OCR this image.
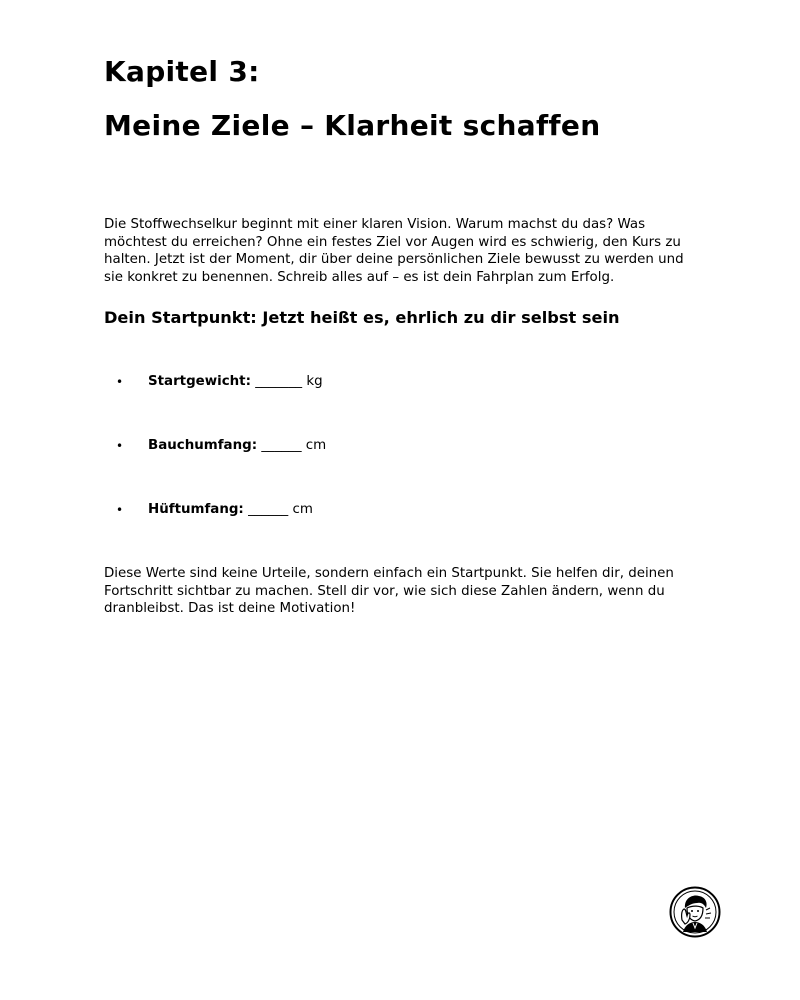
Kapitel 3:
Meine Ziele – Klarheit schaffen

Die Stoffwechselkur beginnt mit einer klaren Vision. Warum machst du das? Was möchtest du erreichen? Ohne ein festes Ziel vor Augen wird es schwierig, den Kurs zu halten. Jetzt ist der Moment, dir über deine persönlichen Ziele bewusst zu werden und sie konkret zu benennen. Schreib alles auf – es ist dein Fahrplan zum Erfolg.

Dein Startpunkt: Jetzt heißt es, ehrlich zu dir selbst sein
• Startgewicht: _______ kg
• Bauchumfang: ______ cm
• Hüftumfang: ______ cm

Diese Werte sind keine Urteile, sondern einfach ein Startpunkt. Sie helfen dir, deinen Fortschritt sichtbar zu machen. Stell dir vor, wie sich diese Zahlen ändern, wenn du dranbleibst. Das ist deine Motivation!
